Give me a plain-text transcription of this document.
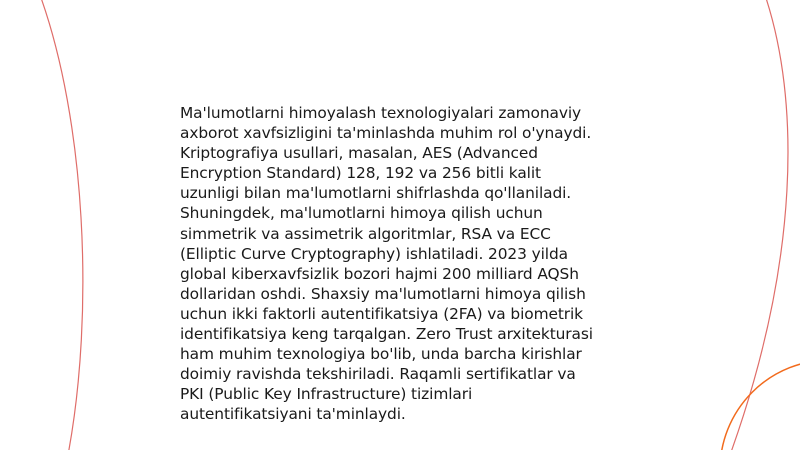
Ma'lumotlarni himoyalash texnologiyalari zamonaviy
axborot xavfsizligini ta'minlashda muhim rol o'ynaydi.
Kriptografiya usullari, masalan, AES (Advanced
Encryption Standard) 128, 192 va 256 bitli kalit
uzunligi bilan ma'lumotlarni shifrlashda qo'llaniladi.
Shuningdek, ma'lumotlarni himoya qilish uchun
simmetrik va assimetrik algoritmlar, RSA va ECC
(Elliptic Curve Cryptography) ishlatiladi. 2023 yilda
global kiberxavfsizlik bozori hajmi 200 milliard AQSh
dollaridan oshdi. Shaxsiy ma'lumotlarni himoya qilish
uchun ikki faktorli autentifikatsiya (2FA) va biometrik
identifikatsiya keng tarqalgan. Zero Trust arxitekturasi
ham muhim texnologiya bo'lib, unda barcha kirishlar
doimiy ravishda tekshiriladi. Raqamli sertifikatlar va
PKI (Public Key Infrastructure) tizimlari
autentifikatsiyani ta'minlaydi.
